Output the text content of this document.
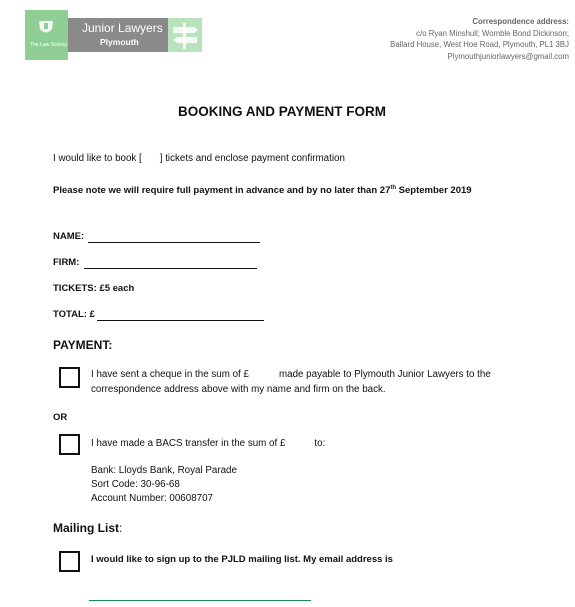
The Law Society
Junior Lawyers
Plymouth
Correspondence address:
c/o Ryan Minshull; Womble Bond Dickinson;
Ballard House, West Hoe Road, Plymouth, PL1 3BJ
Plymouthjuniorlawyers@gmail.com
BOOKING AND PAYMENT FORM
I would like to book [ ] tickets and enclose payment confirmation
Please note we will require full payment in advance and by no later than 27th September 2019
NAME:
FIRM:
TICKETS: £5 each
TOTAL: £
PAYMENT:
I have sent a cheque in the sum of £	made payable to Plymouth Junior Lawyers to the
correspondence address above with my name and firm on the back.
OR
I have made a BACS transfer in the sum of £	to:
Bank: Lloyds Bank, Royal Parade
Sort Code: 30-96-68
Account Number: 00608707
Mailing List:
I would like to sign up to the PJLD mailing list. My email address is
